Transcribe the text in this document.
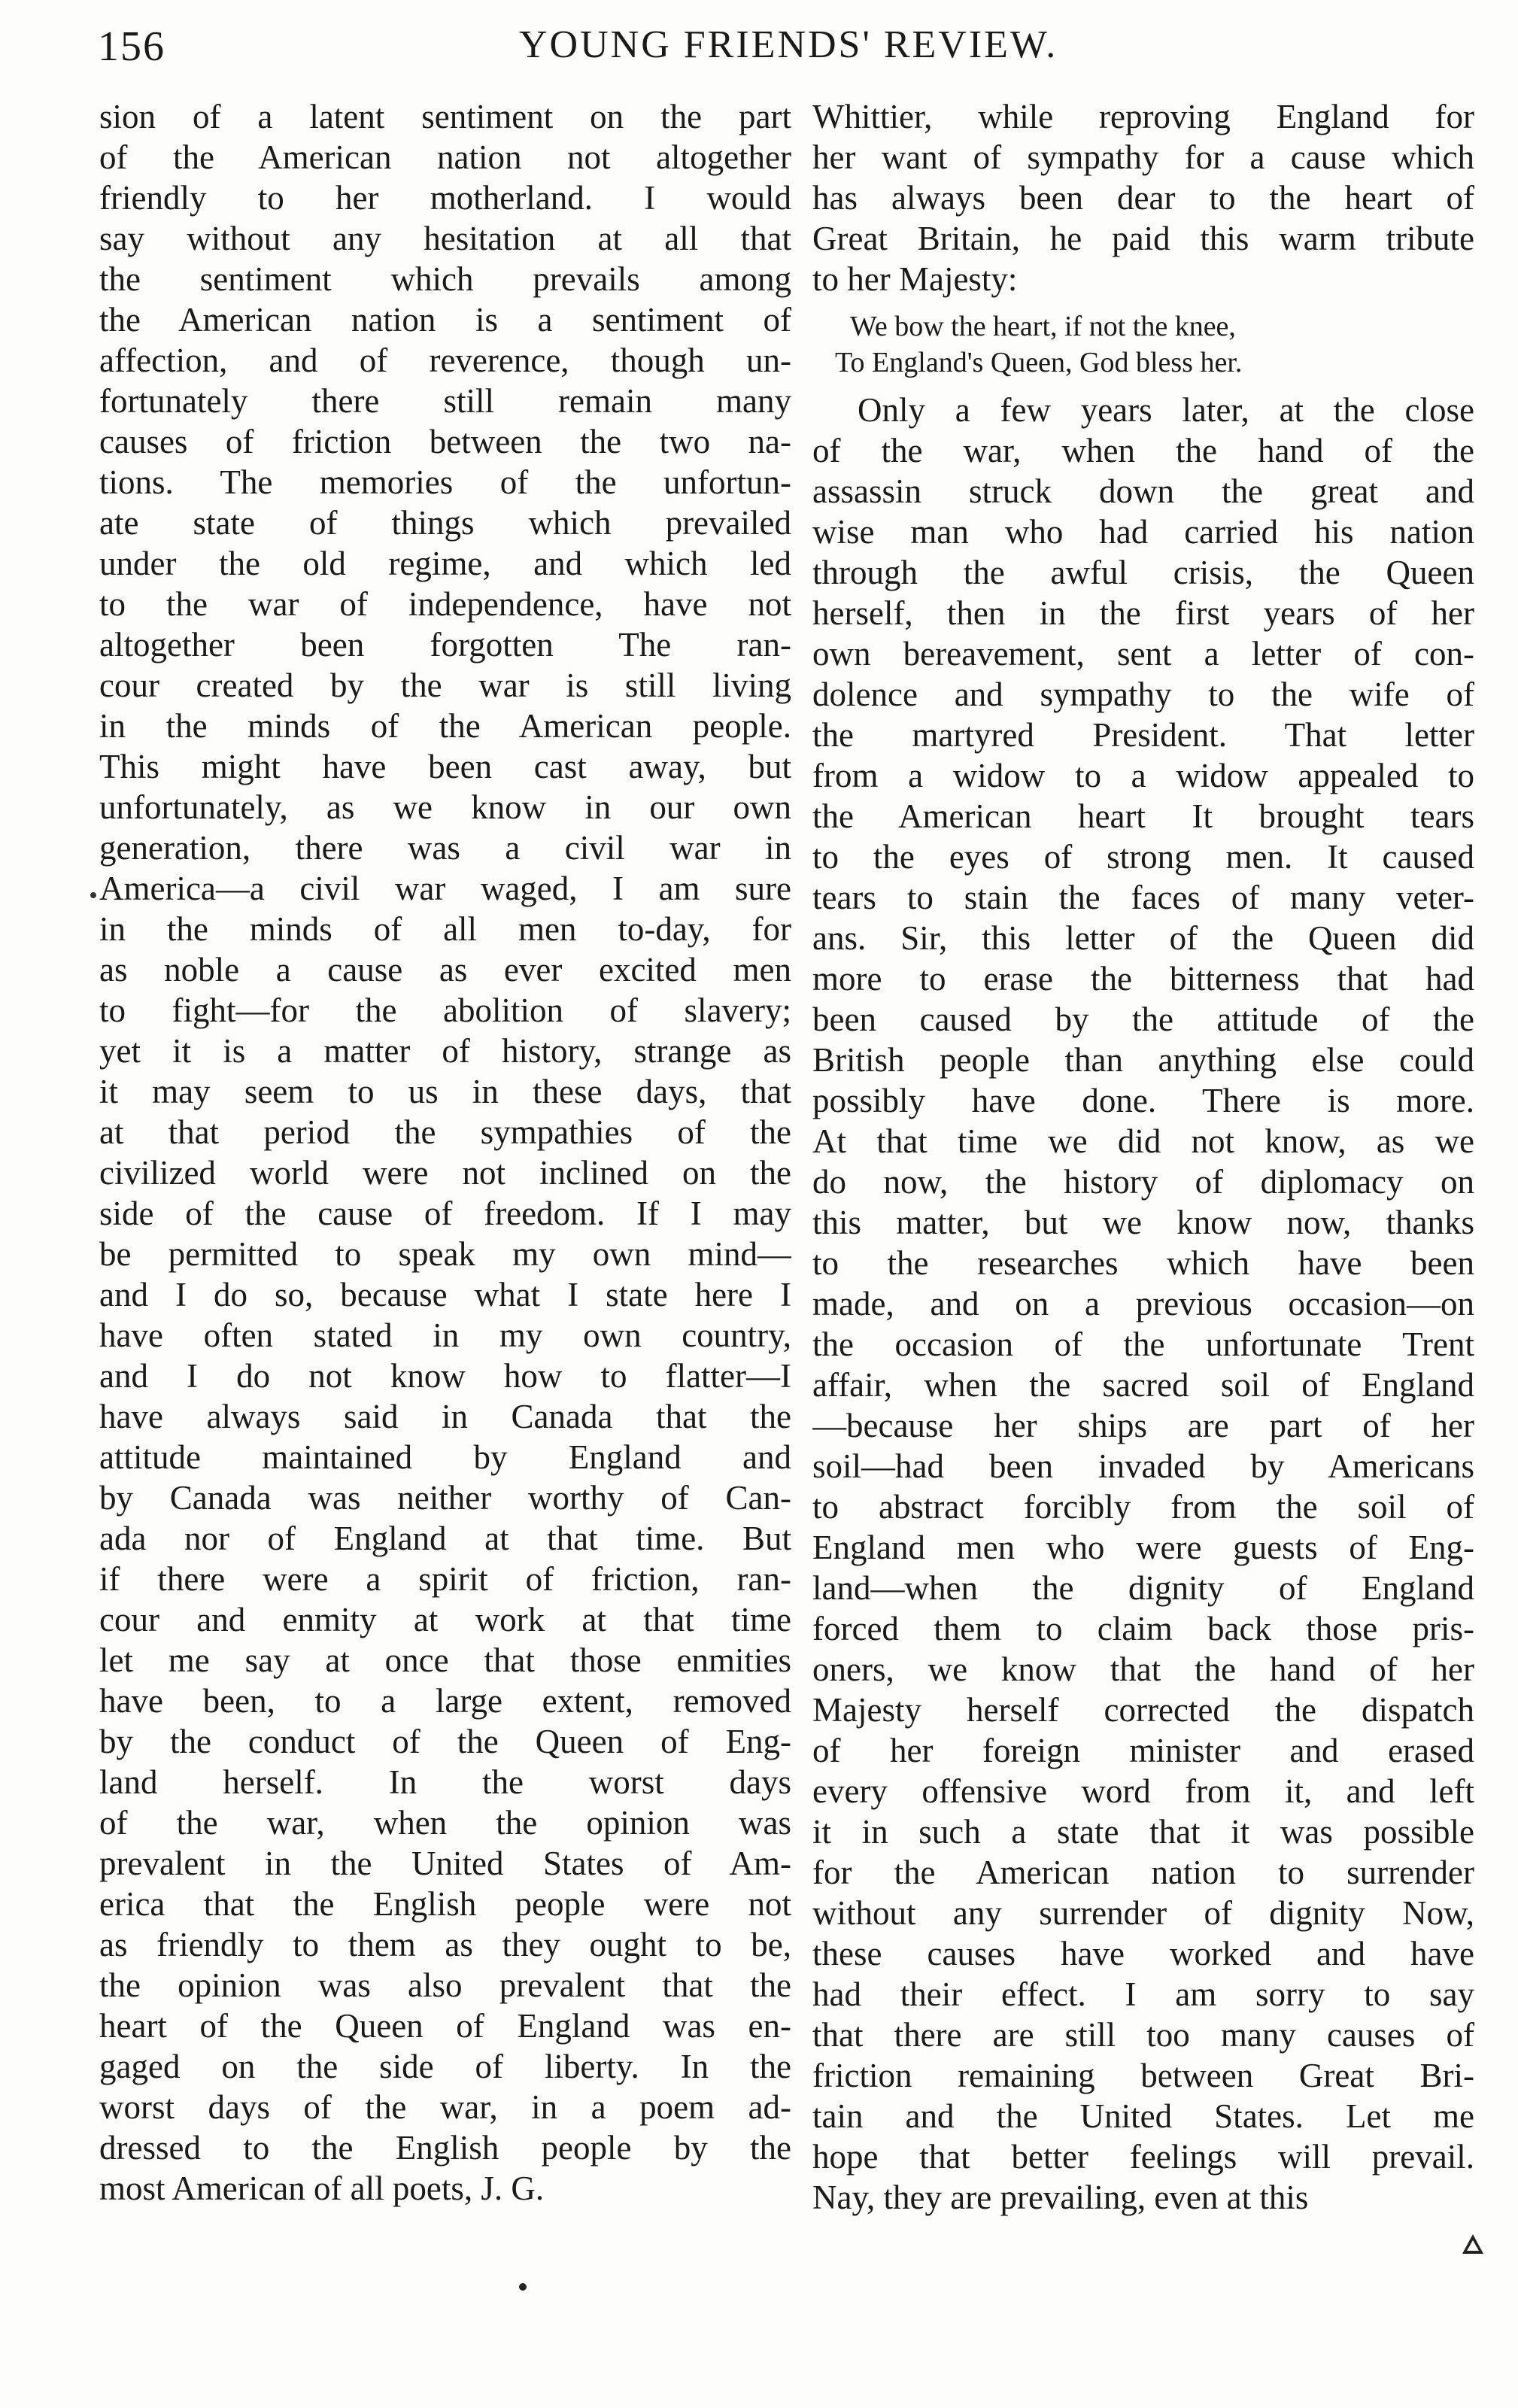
156	YOUNG FRIENDS' REVIEW.
sion of a latent sentiment on the part
of the American nation not altogether
friendly to her motherland. I would
say without any hesitation at all that
the sentiment which prevails among
the American nation is a sentiment of
affection, and of reverence, though un-
fortunately there still remain many
causes of friction between the two na-
tions. The memories of the unfortun-
ate state of things which prevailed
under the old regime, and which led
to the war of independence, have not
altogether been forgotten The ran-
cour created by the war is still living
in the minds of the American people.
This might have been cast away, but
unfortunately, as we know in our own
generation, there was a civil war in
America—a civil war waged, I am sure
in the minds of all men to-day, for
as noble a cause as ever excited men
to fight—for the abolition of slavery;
yet it is a matter of history, strange as
it may seem to us in these days, that
at that period the sympathies of the
civilized world were not inclined on the
side of the cause of freedom. If I may
be permitted to speak my own mind—
and I do so, because what I state here I
have often stated in my own country,
and I do not know how to flatter—I
have always said in Canada that the
attitude maintained by England and
by Canada was neither worthy of Can-
ada nor of England at that time. But
if there were a spirit of friction, ran-
cour and enmity at work at that time
let me say at once that those enmities
have been, to a large extent, removed
by the conduct of the Queen of Eng-
land herself. In the worst days
of the war, when the opinion was
prevalent in the United States of Am-
erica that the English people were not
as friendly to them as they ought to be,
the opinion was also prevalent that the
heart of the Queen of England was en-
gaged on the side of liberty. In the
worst days of the war, in a poem ad-
dressed to the English people by the
most American of all poets, J. G.
Whittier, while reproving England for
her want of sympathy for a cause which
has always been dear to the heart of
Great Britain, he paid this warm tribute
to her Majesty:
We bow the heart, if not the knee,
To England's Queen, God bless her.
Only a few years later, at the close
of the war, when the hand of the
assassin struck down the great and
wise man who had carried his nation
through the awful crisis, the Queen
herself, then in the first years of her
own bereavement, sent a letter of con-
dolence and sympathy to the wife of
the martyred President. That letter
from a widow to a widow appealed to
the American heart It brought tears
to the eyes of strong men. It caused
tears to stain the faces of many veter-
ans. Sir, this letter of the Queen did
more to erase the bitterness that had
been caused by the attitude of the
British people than anything else could
possibly have done. There is more.
At that time we did not know, as we
do now, the history of diplomacy on
this matter, but we know now, thanks
to the researches which have been
made, and on a previous occasion—on
the occasion of the unfortunate Trent
affair, when the sacred soil of England
—because her ships are part of her
soil—had been invaded by Americans
to abstract forcibly from the soil of
England men who were guests of Eng-
land—when the dignity of England
forced them to claim back those pris-
oners, we know that the hand of her
Majesty herself corrected the dispatch
of her foreign minister and erased
every offensive word from it, and left
it in such a state that it was possible
for the American nation to surrender
without any surrender of dignity Now,
these causes have worked and have
had their effect. I am sorry to say
that there are still too many causes of
friction remaining between Great Bri-
tain and the United States. Let me
hope that better feelings will prevail.
Nay, they are prevailing, even at this
